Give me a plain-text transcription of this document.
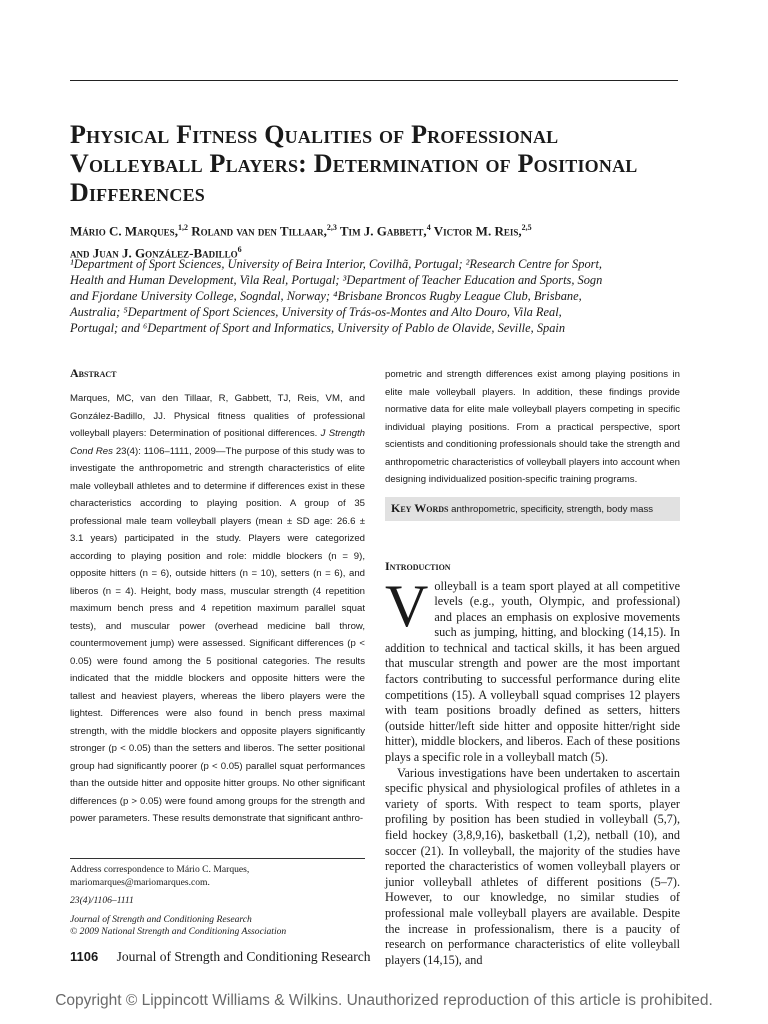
Physical Fitness Qualities of Professional Volleyball Players: Determination of Positional Differences
Mário C. Marques,$^{1,2}$ Roland van den Tillaar,$^{2,3}$ Tim J. Gabbett,$^4$ Victor M. Reis,$^{2,5}$
and Juan J. González-Badillo$^6$

¹Department of Sport Sciences, University of Beira Interior, Covilhã, Portugal; ²Research Centre for Sport, Health and Human Development, Vila Real, Portugal; ³Department of Teacher Education and Sports, Sogn and Fjordane University College, Sogndal, Norway; ⁴Brisbane Broncos Rugby League Club, Brisbane, Australia; ⁵Department of Sport Sciences, University of Trás-os-Montes and Alto Douro, Vila Real, Portugal; and ⁶Department of Sport and Informatics, University of Pablo de Olavide, Seville, Spain

Abstract

Marques, MC, van den Tillaar, R, Gabbett, TJ, Reis, VM, and González-Badillo, JJ. Physical fitness qualities of professional volleyball players: Determination of positional differences. J Strength Cond Res 23(4): 1106–1111, 2009—The purpose of this study was to investigate the anthropometric and strength characteristics of elite male volleyball athletes and to determine if differences exist in these characteristics according to playing position. A group of 35 professional male team volleyball players (mean ± SD age: 26.6 ± 3.1 years) participated in the study. Players were categorized according to playing position and role: middle blockers (n = 9), opposite hitters (n = 6), outside hitters (n = 10), setters (n = 6), and liberos (n = 4). Height, body mass, muscular strength (4 repetition maximum bench press and 4 repetition maximum parallel squat tests), and muscular power (overhead medicine ball throw, countermovement jump) were assessed. Significant differences (p < 0.05) were found among the 5 positional categories. The results indicated that the middle blockers and opposite hitters were the tallest and heaviest players, whereas the libero players were the lightest. Differences were also found in bench press maximal strength, with the middle blockers and opposite players significantly stronger (p < 0.05) than the setters and liberos. The setter positional group had significantly poorer (p < 0.05) parallel squat performances than the outside hitter and opposite hitter groups. No other significant differences (p > 0.05) were found among groups for the strength and power parameters. These results demonstrate that significant anthro-

pometric and strength differences exist among playing positions in elite male volleyball players. In addition, these findings provide normative data for elite male volleyball players competing in specific individual playing positions. From a practical perspective, sport scientists and conditioning professionals should take the strength and anthropometric characteristics of volleyball players into account when designing individualized position-specific training programs.

Key Words anthropometric, specificity, strength, body mass
Introduction

Volleyball is a team sport played at all competitive levels (e.g., youth, Olympic, and professional) and places an emphasis on explosive movements such as jumping, hitting, and blocking (14,15). In addition to technical and tactical skills, it has been argued that muscular strength and power are the most important factors contributing to successful performance during elite competitions (15). A volleyball squad comprises 12 players with team positions broadly defined as setters, hitters (outside hitter/left side hitter and opposite hitter/right side hitter), middle blockers, and liberos. Each of these positions plays a specific role in a volleyball match (5).

Various investigations have been undertaken to ascertain specific physical and physiological profiles of athletes in a variety of sports. With respect to team sports, player profiling by position has been studied in volleyball (5,7), field hockey (3,8,9,16), basketball (1,2), netball (10), and soccer (21). In volleyball, the majority of the studies have reported the characteristics of women volleyball players or junior volleyball athletes of different positions (5–7). However, to our knowledge, no similar studies of professional male volleyball players are available. Despite the increase in professionalism, there is a paucity of research on performance characteristics of elite volleyball players (14,15), and

Address correspondence to Mário C. Marques, mariomarques@mariomarques.com.

23(4)/1106–1111

Journal of Strength and Conditioning Research
© 2009 National Strength and Conditioning Association

1106 Journal of Strength and Conditioning Research
Copyright © Lippincott Williams & Wilkins. Unauthorized reproduction of this article is prohibited.
